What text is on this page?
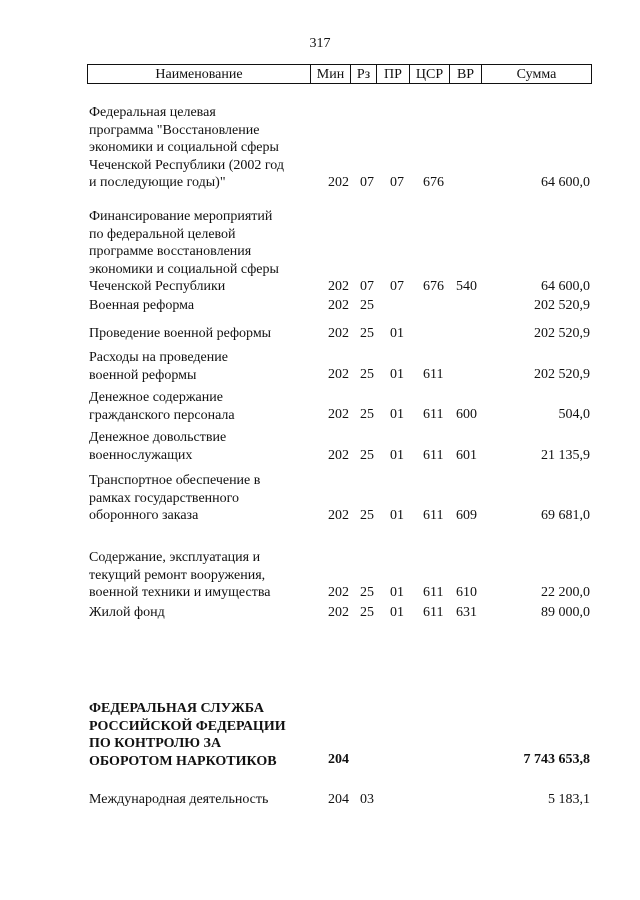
317
Наименование	Мин Рз ПР ЦСР ВР	Сумма
Федеральная целевая
программа "Восстановление
экономики и социальной сферы
Чеченской Республики (2002 год
и последующие годы)"	202 07	07	676	64 600,0
Финансирование мероприятий
по федеральной целевой
программе восстановления
экономики и социальной сферы
Чеченской Республики	202 07	07	676 540	64 600,0
Военная реформа	202 25	202 520,9
Проведение военной реформы	202 25	01	202 520,9
Расходы на проведение
военной реформы	202 25	01	611	202 520,9
Денежное содержание
гражданского персонала	202 25	01	611 600	504,0
Денежное довольствие
военнослужащих	202 25	01	611 601	21 135,9
Транспортное обеспечение в
рамках государственного
оборонного заказа	202 25	01	611 609	69 681,0
Содержание, эксплуатация и
текущий ремонт вооружения,
военной техники и имущества	202 25	01	611 610	22 200,0
Жилой фонд	202 25	01	611 631	89 000,0
ФЕДЕРАЛЬНАЯ СЛУЖБА
РОССИЙСКОЙ ФЕДЕРАЦИИ
ПО КОНТРОЛЮ ЗА
ОБОРОТОМ НАРКОТИКОВ	204	7 743 653,8
Международная деятельность	204 03	5 183,1
